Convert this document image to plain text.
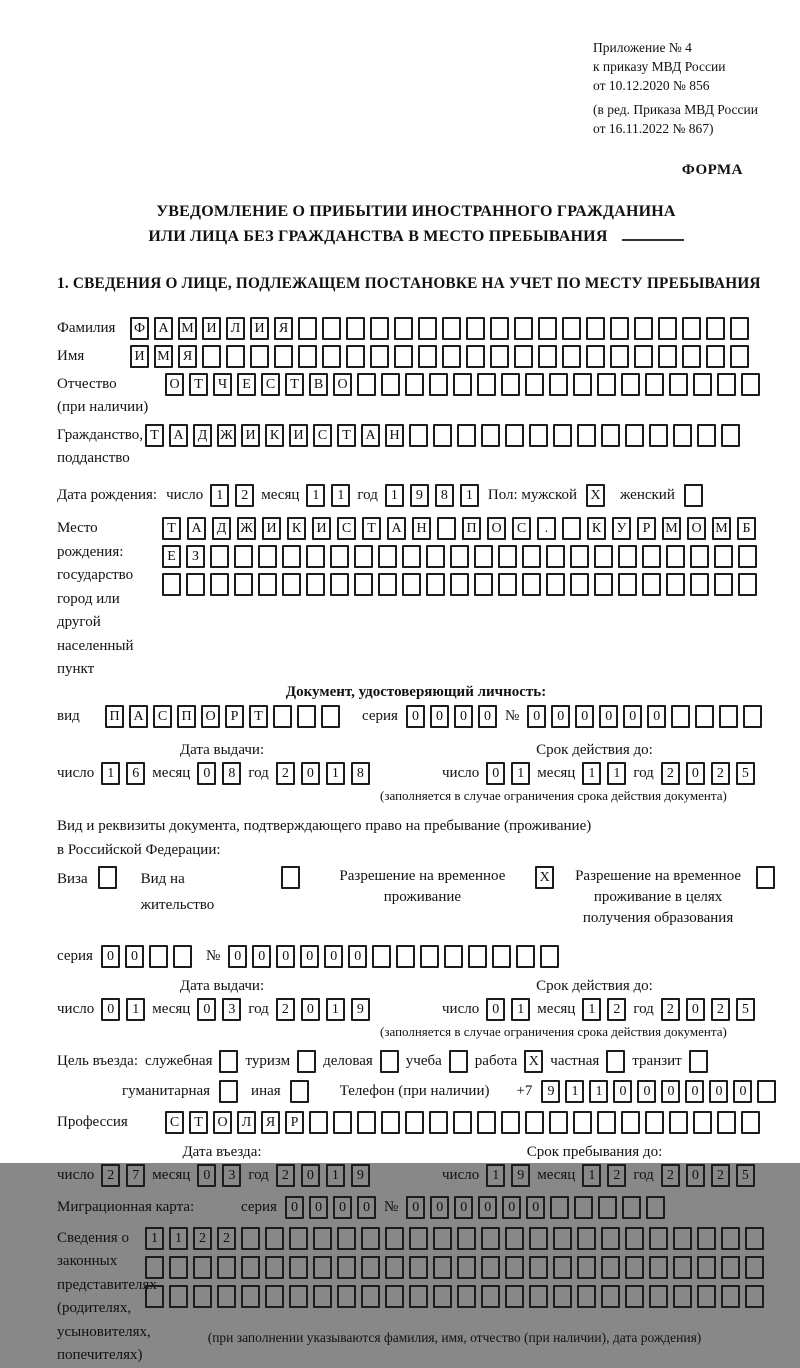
Приложение № 4
к приказу МВД России
от 10.12.2020 № 856
(в ред. Приказа МВД России
от 16.11.2022 № 867)
ФОРМА
УВЕДОМЛЕНИЕ О ПРИБЫТИИ ИНОСТРАННОГО ГРАЖДАНИНА
ИЛИ ЛИЦА БЕЗ ГРАЖДАНСТВА В МЕСТО ПРЕБЫВАНИЯ
1. СВЕДЕНИЯ О ЛИЦЕ, ПОДЛЕЖАЩЕМ ПОСТАНОВКЕ НА УЧЕТ ПО МЕСТУ ПРЕБЫВАНИЯ
Фамилия	Ф А М И	Л	И	Я
Имя	И М Я
Отчество
(при наличии)
О	Т	Ч	Е	С	Т	В	О
Гражданство,
подданство
Т	А	Д Ж И	К	И	С	Т	А Н
Дата рождения: число 1	2 месяц 1	1 год 1	9	8	1	Пол: мужской X женский
Место рождения:
государство
город или другой
населенный пункт
Т	А	Д Ж И	К	И	С	Т	А	Н	П	О	С	.	К	У	Р	М О М	Б
Е	З
Документ, удостоверяющий личность:
вид	П А	С	П О	Р	Т	серия	0	0	0	0 №	0	0	0	0	0	0
Дата выдачи:
число 1	6 месяц 0	8 год 2	0	1	8
Срок действия до:
число 0	1 месяц 1	1 год 2	0	2	5
(заполняется в случае ограничения срока действия документа)
Вид и реквизиты документа, подтверждающего право на пребывание (проживание)
в Российской Федерации:
Виза	Вид на жительство
Разрешение на временное
проживание
X	Разрешение на временное
проживание в целях
получения образования
серия	0	0	№	0	0	0	0	0	0
Дата выдачи:
число 0	1 месяц 0	3 год 2	0	1	9
Срок действия до:
число 0	1 месяц 1	2 год 2	0	2	5
(заполняется в случае ограничения срока действия документа)
Цель въезда: служебная туризм деловая учеба работа X частная транзит
гуманитарная	иная	Телефон (при наличии) +7	9	1	1	0	0	0	0	0	0
Профессия	С	Т	О	Л	Я	Р
Дата въезда:
число 2	7 месяц 0	3 год 2	0	1	9
Срок пребывания до:
число 1	9 месяц 1	2 год 2	0	2	5
Миграционная карта:	серия	0	0	0	0 №	0	0	0	0	0	0
Сведения о
законных
представителях
(родителях,
усыновителях,
попечителях)
1	1	2	2
(при заполнении указываются фамилия, имя, отчество (при наличии), дата рождения)
